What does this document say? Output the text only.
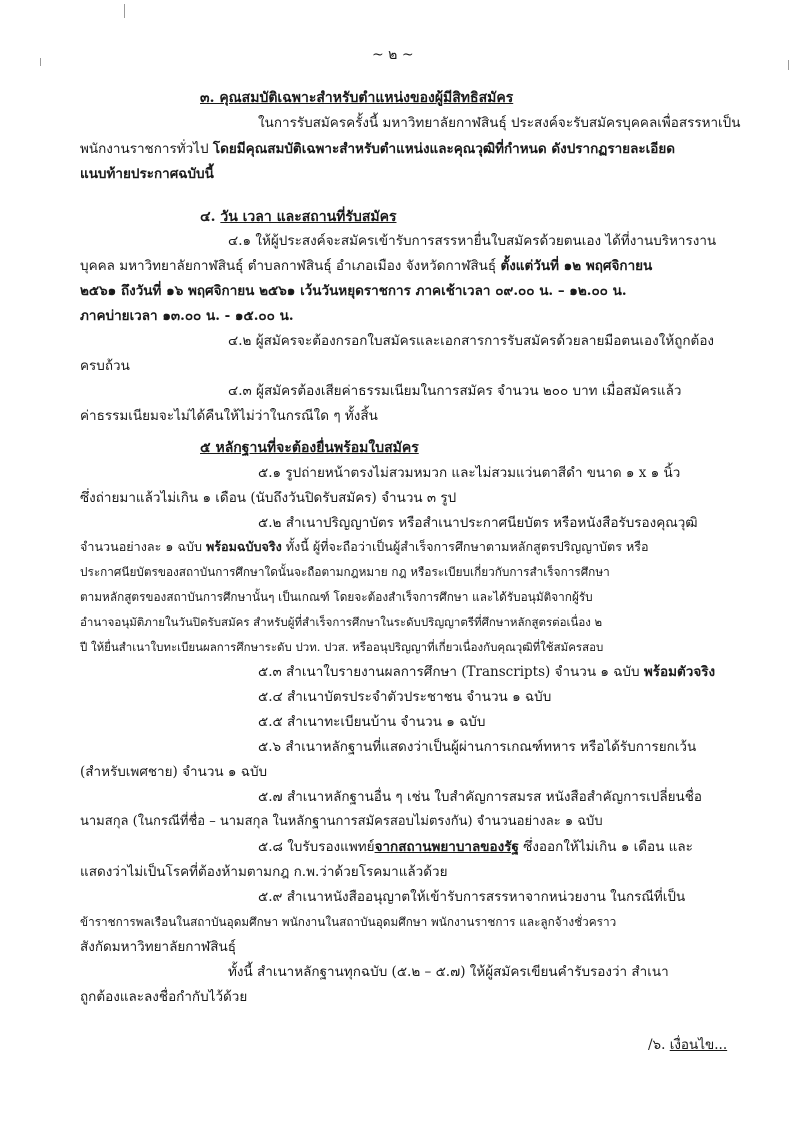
~ ๒ ~
๓. คุณสมบัติเฉพาะสำหรับตำแหน่งของผู้มีสิทธิสมัคร
ในการรับสมัครครั้งนี้ มหาวิทยาลัยกาฬสินธุ์ ประสงค์จะรับสมัครบุคคลเพื่อสรรหาเป็น
พนักงานราชการทั่วไป โดยมีคุณสมบัติเฉพาะสำหรับตำแหน่งและคุณวุฒิที่กำหนด ดังปรากฏรายละเอียด
แนบท้ายประกาศฉบับนี้
๔. วัน เวลา และสถานที่รับสมัคร
๔.๑ ให้ผู้ประสงค์จะสมัครเข้ารับการสรรหายื่นใบสมัครด้วยตนเอง ได้ที่งานบริหารงาน
บุคคล มหาวิทยาลัยกาฬสินธุ์ ตำบลกาฬสินธุ์ อำเภอเมือง จังหวัดกาฬสินธุ์ ตั้งแต่วันที่ ๑๒ พฤศจิกายน
๒๕๖๑ ถึงวันที่ ๑๖ พฤศจิกายน ๒๕๖๑ เว้นวันหยุดราชการ ภาคเช้าเวลา ๐๙.๐๐ น. – ๑๒.๐๐ น.
ภาคบ่ายเวลา ๑๓.๐๐ น. - ๑๕.๐๐ น.
๔.๒ ผู้สมัครจะต้องกรอกใบสมัครและเอกสารการรับสมัครด้วยลายมือตนเองให้ถูกต้อง
ครบถ้วน
๔.๓ ผู้สมัครต้องเสียค่าธรรมเนียมในการสมัคร จำนวน ๒๐๐ บาท เมื่อสมัครแล้ว
ค่าธรรมเนียมจะไม่ได้คืนให้ไม่ว่าในกรณีใด ๆ ทั้งสิ้น
๕ หลักฐานที่จะต้องยื่นพร้อมใบสมัคร
๕.๑ รูปถ่ายหน้าตรงไม่สวมหมวก และไม่สวมแว่นตาสีดำ ขนาด ๑ x ๑ นิ้ว
ซึ่งถ่ายมาแล้วไม่เกิน ๑ เดือน (นับถึงวันปิดรับสมัคร) จำนวน ๓ รูป
๕.๒ สำเนาปริญญาบัตร หรือสำเนาประกาศนียบัตร หรือหนังสือรับรองคุณวุฒิ
จำนวนอย่างละ ๑ ฉบับ พร้อมฉบับจริง ทั้งนี้ ผู้ที่จะถือว่าเป็นผู้สำเร็จการศึกษาตามหลักสูตรปริญญาบัตร หรือ
ประกาศนียบัตรของสถาบันการศึกษาใดนั้นจะถือตามกฎหมาย กฎ หรือระเบียบเกี่ยวกับการสำเร็จการศึกษา
ตามหลักสูตรของสถาบันการศึกษานั้นๆ เป็นเกณฑ์ โดยจะต้องสำเร็จการศึกษา และได้รับอนุมัติจากผู้รับ
อำนาจอนุมัติภายในวันปิดรับสมัคร สำหรับผู้ที่สำเร็จการศึกษาในระดับปริญญาตรีที่ศึกษาหลักสูตรต่อเนื่อง ๒
ปี ให้ยื่นสำเนาใบทะเบียนผลการศึกษาระดับ ปวท. ปวส. หรืออนุปริญญาที่เกี่ยวเนื่องกับคุณวุฒิที่ใช้สมัครสอบ
๕.๓ สำเนาใบรายงานผลการศึกษา (Transcripts) จำนวน ๑ ฉบับ พร้อมตัวจริง
๕.๔ สำเนาบัตรประจำตัวประชาชน จำนวน ๑ ฉบับ
๕.๕ สำเนาทะเบียนบ้าน จำนวน ๑ ฉบับ
๕.๖ สำเนาหลักฐานที่แสดงว่าเป็นผู้ผ่านการเกณฑ์ทหาร หรือได้รับการยกเว้น
(สำหรับเพศชาย) จำนวน ๑ ฉบับ
๕.๗ สำเนาหลักฐานอื่น ๆ เช่น ใบสำคัญการสมรส หนังสือสำคัญการเปลี่ยนชื่อ
นามสกุล (ในกรณีที่ชื่อ – นามสกุล ในหลักฐานการสมัครสอบไม่ตรงกัน) จำนวนอย่างละ ๑ ฉบับ
๕.๘ ใบรับรองแพทย์จากสถานพยาบาลของรัฐ ซึ่งออกให้ไม่เกิน ๑ เดือน และ
แสดงว่าไม่เป็นโรคที่ต้องห้ามตามกฎ ก.พ.ว่าด้วยโรคมาแล้วด้วย
๕.๙ สำเนาหนังสืออนุญาตให้เข้ารับการสรรหาจากหน่วยงาน ในกรณีที่เป็น
ข้าราชการพลเรือนในสถาบันอุดมศึกษา พนักงานในสถาบันอุดมศึกษา พนักงานราชการ และลูกจ้างชั่วคราว
สังกัดมหาวิทยาลัยกาฬสินธุ์
ทั้งนี้ สำเนาหลักฐานทุกฉบับ (๕.๒ – ๕.๗) ให้ผู้สมัครเขียนคำรับรองว่า สำเนา
ถูกต้องและลงชื่อกำกับไว้ด้วย
/๖. เงื่อนไข...
